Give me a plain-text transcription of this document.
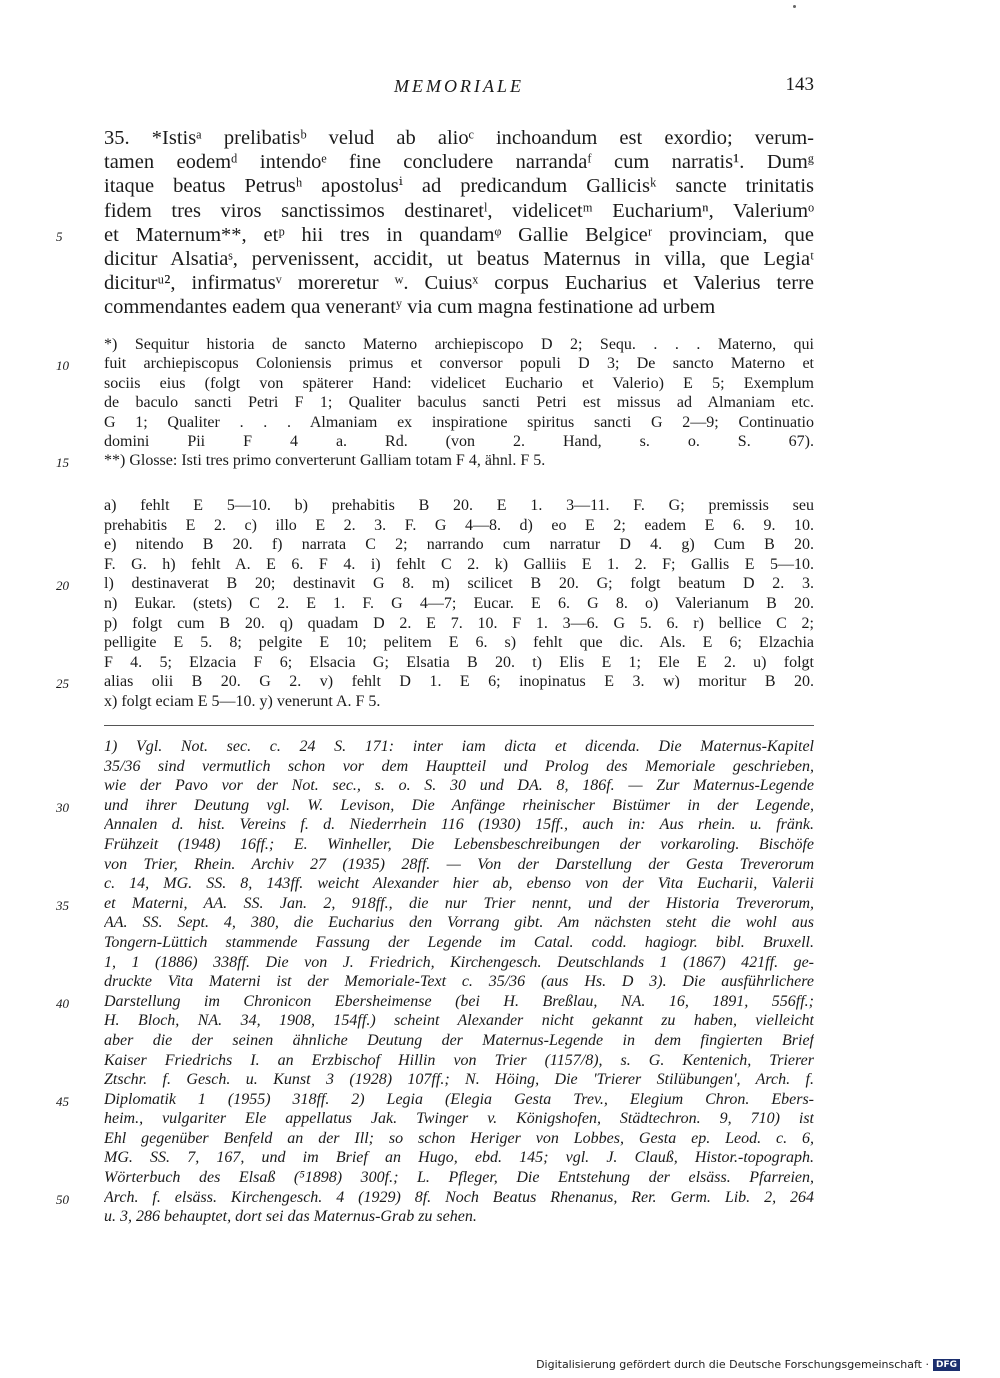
MEMORIALE	143
35. *Istisᵃ prelibatisᵇ velud ab alioᶜ inchoandum est exordio; verum-
tamen eodemᵈ intendoᵉ fine concludere narrandaᶠ cum narratis¹. Dumᵍ
itaque beatus Petrusʰ apostolusⁱ ad predicandum Gallicisᵏ sancte trinitatis
fidem tres viros sanctissimos destinaretˡ, videlicetᵐ Euchariumⁿ, Valeriumᵒ
et Maternum**, etᵖ hii tres in quandamᵠ Gallie Belgiceʳ provinciam, que
5
dicitur Alsatiaˢ, pervenissent, accidit, ut beatus Maternus in villa, que Legiaᵗ
diciturᵘ², infirmatusᵛ moreretur ʷ. Cuiusˣ corpus Eucharius et Valerius terre
commendantes eadem qua venerantʸ via cum magna festinatione ad urbem
*) Sequitur historia de sancto Materno archiepiscopo D 2; Sequ. . . . Materno, qui
fuit archiepiscopus Coloniensis primus et conversor populi D 3; De sancto Materno et
10
sociis eius (folgt von späterer Hand: videlicet Euchario et Valerio) E 5; Exemplum
de baculo sancti Petri F 1; Qualiter baculus sancti Petri est missus ad Almaniam etc.
G 1; Qualiter . . . Almaniam ex inspiratione spiritus sancti G 2—9; Continuatio
domini Pii F 4 a. Rd. (von 2. Hand, s. o. S. 67).
**) Glosse: Isti tres primo converterunt Galliam totam F 4, ähnl. F 5.
15
a) fehlt E 5—10. b) prehabitis B 20. E 1. 3—11. F. G; premissis seu
prehabitis E 2. c) illo E 2. 3. F. G 4—8. d) eo E 2; eadem E 6. 9. 10.
e) nitendo B 20. f) narrata C 2; narrando cum narratur D 4. g) Cum B 20.
F. G. h) fehlt A. E 6. F 4. i) fehlt C 2. k) Galliis E 1. 2. F; Gallis E 5—10.
l) destinaverat B 20; destinavit G 8. m) scilicet B 20. G; folgt beatum D 2. 3.
20
n) Eukar. (stets) C 2. E 1. F. G 4—7; Eucar. E 6. G 8. o) Valerianum B 20.
p) folgt cum B 20. q) quadam D 2. E 7. 10. F 1. 3—6. G 5. 6. r) bellice C 2;
pelligite E 5. 8; pelgite E 10; pelitem E 6. s) fehlt que dic. Als. E 6; Elzachia
F 4. 5; Elzacia F 6; Elsacia G; Elsatia B 20. t) Elis E 1; Ele E 2. u) folgt
alias olii B 20. G 2. v) fehlt D 1. E 6; inopinatus E 3. w) moritur B 20.
25
x) folgt eciam E 5—10. y) venerunt A. F 5.
1) Vgl. Not. sec. c. 24 S. 171: inter iam dicta et dicenda. Die Maternus-Kapitel
35/36 sind vermutlich schon vor dem Hauptteil und Prolog des Memoriale geschrieben,
wie der Pavo vor der Not. sec., s. o. S. 30 und DA. 8, 186f. — Zur Maternus-Legende
und ihrer Deutung vgl. W. Levison, Die Anfänge rheinischer Bistümer in der Legende,
30
Annalen d. hist. Vereins f. d. Niederrhein 116 (1930) 15ff., auch in: Aus rhein. u. fränk.
Frühzeit (1948) 16ff.; E. Winheller, Die Lebensbeschreibungen der vorkaroling. Bischöfe
von Trier, Rhein. Archiv 27 (1935) 28ff. — Von der Darstellung der Gesta Treverorum
c. 14, MG. SS. 8, 143ff. weicht Alexander hier ab, ebenso von der Vita Eucharii, Valerii
et Materni, AA. SS. Jan. 2, 918ff., die nur Trier nennt, und der Historia Treverorum,
35
AA. SS. Sept. 4, 380, die Eucharius den Vorrang gibt. Am nächsten steht die wohl aus
Tongern-Lüttich stammende Fassung der Legende im Catal. codd. hagiogr. bibl. Bruxell.
1, 1 (1886) 338ff. Die von J. Friedrich, Kirchengesch. Deutschlands 1 (1867) 421ff. ge-
druckte Vita Materni ist der Memoriale-Text c. 35/36 (aus Hs. D 3). Die ausführlichere
Darstellung im Chronicon Ebersheimense (bei H. Breßlau, NA. 16, 1891, 556ff.;
40
H. Bloch, NA. 34, 1908, 154ff.) scheint Alexander nicht gekannt zu haben, vielleicht
aber die der seinen ähnliche Deutung der Maternus-Legende in dem fingierten Brief
Kaiser Friedrichs I. an Erzbischof Hillin von Trier (1157/8), s. G. Kentenich, Trierer
Ztschr. f. Gesch. u. Kunst 3 (1928) 107ff.; N. Höing, Die 'Trierer Stilübungen', Arch. f.
Diplomatik 1 (1955) 318ff. 2) Legia (Elegia Gesta Trev., Elegium Chron. Ebers-
45
heim., vulgariter Ele appellatus Jak. Twinger v. Königshofen, Städtechron. 9, 710) ist
Ehl gegenüber Benfeld an der Ill; so schon Heriger von Lobbes, Gesta ep. Leod. c. 6,
MG. SS. 7, 167, und im Brief an Hugo, ebd. 145; vgl. J. Clauß, Histor.-topograph.
Wörterbuch des Elsaß (⁵1898) 300f.; L. Pfleger, Die Entstehung der elsäss. Pfarreien,
Arch. f. elsäss. Kirchengesch. 4 (1929) 8f. Noch Beatus Rhenanus, Rer. Germ. Lib. 2, 264
50
u. 3, 286 behauptet, dort sei das Maternus-Grab zu sehen.
Digitalisierung gefördert durch die Deutsche Forschungsgemeinschaft · DFG
